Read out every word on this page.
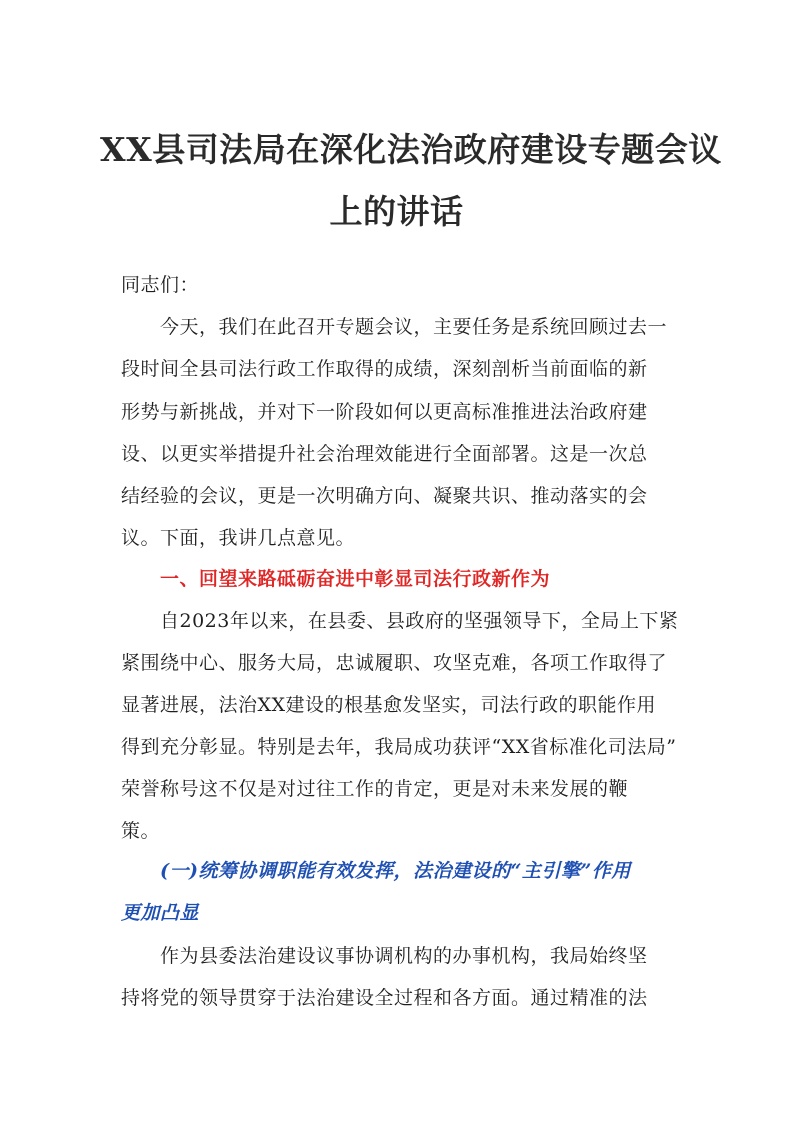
XX县司法局在深化法治政府建设专题会议
上的讲话
同志们：
今天，我们在此召开专题会议，主要任务是系统回顾过去一
段时间全县司法行政工作取得的成绩，深刻剖析当前面临的新
形势与新挑战，并对下一阶段如何以更高标准推进法治政府建
设、以更实举措提升社会治理效能进行全面部署。这是一次总
结经验的会议，更是一次明确方向、凝聚共识、推动落实的会
议。下面，我讲几点意见。
一、回望来路砥砺奋进中彰显司法行政新作为
自2023年以来，在县委、县政府的坚强领导下，全局上下紧
紧围绕中心、服务大局，忠诚履职、攻坚克难，各项工作取得了
显著进展，法治XX建设的根基愈发坚实，司法行政的职能作用
得到充分彰显。特别是去年，我局成功获评“XX省标准化司法局”
荣誉称号这不仅是对过往工作的肯定，更是对未来发展的鞭
策。
(一)统筹协调职能有效发挥，法治建设的“主引擎”作用
更加凸显
作为县委法治建设议事协调机构的办事机构，我局始终坚
持将党的领导贯穿于法治建设全过程和各方面。通过精准的法
